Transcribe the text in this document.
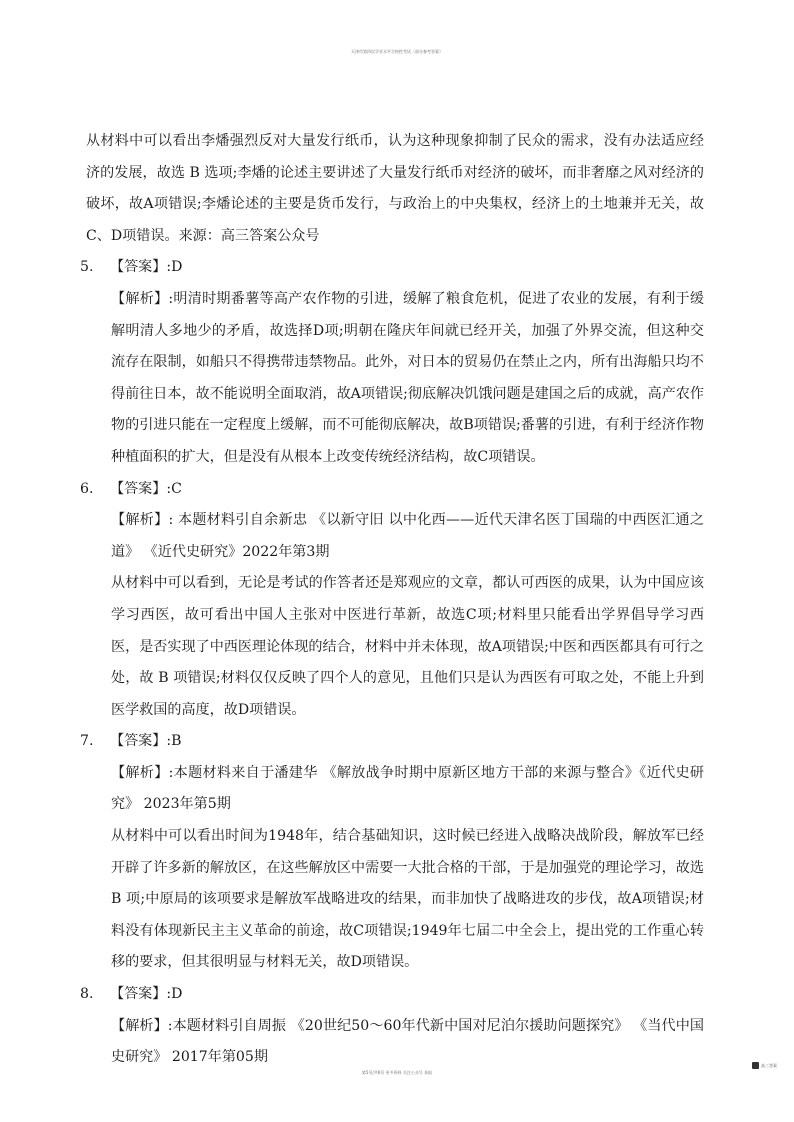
天津市第四次学业水平合格性考试（部分参考答案）

从材料中可以看出李燔强烈反对大量发行纸币，认为这种现象抑制了民众的需求，没有办法适应经济的发展，故选 B 选项;李燔的论述主要讲述了大量发行纸币对经济的破坏，而非奢靡之风对经济的破坏，故A项错误;李燔论述的主要是货币发行，与政治上的中央集权，经济上的土地兼并无关，故C、D项错误。来源：高三答案公众号

5.	【答案】:D

【解析】:明清时期番薯等高产农作物的引进，缓解了粮食危机，促进了农业的发展，有利于缓解明清人多地少的矛盾，故选择D项;明朝在隆庆年间就已经开关，加强了外界交流，但这种交流存在限制，如船只不得携带违禁物品。此外，对日本的贸易仍在禁止之内，所有出海船只均不得前往日本，故不能说明全面取消，故A项错误;彻底解决饥饿问题是建国之后的成就，高产农作物的引进只能在一定程度上缓解，而不可能彻底解决，故B项错误;番薯的引进，有利于经济作物种植面积的扩大，但是没有从根本上改变传统经济结构，故C项错误。

6.	【答案】:C

【解析】: 本题材料引自余新忠 《以新守旧 以中化西——近代天津名医丁国瑞的中西医汇通之道》 《近代史研究》2022年第3期

从材料中可以看到，无论是考试的作答者还是郑观应的文章，都认可西医的成果，认为中国应该学习西医，故可看出中国人主张对中医进行革新，故选C项;材料里只能看出学界倡导学习西医，是否实现了中西医理论体现的结合，材料中并未体现，故A项错误;中医和西医都具有可行之处，故 B 项错误;材料仅仅反映了四个人的意见，且他们只是认为西医有可取之处，不能上升到医学救国的高度，故D项错误。

7.	【答案】:B

【解析】:本题材料来自于潘建华 《解放战争时期中原新区地方干部的来源与整合》《近代史研究》 2023年第5期

从材料中可以看出时间为1948年，结合基础知识，这时候已经进入战略决战阶段，解放军已经开辟了许多新的解放区，在这些解放区中需要一大批合格的干部，于是加强党的理论学习，故选 B 项;中原局的该项要求是解放军战略进攻的结果，而非加快了战略进攻的步伐，故A项错误;材料没有体现新民主主义革命的前途，故C项错误;1949年七届二中全会上，提出党的工作重心转移的要求，但其很明显与材料无关，故D项错误。

8.	【答案】:D

【解析】:本题材料引自周振 《20世纪50～60年代新中国对尼泊尔援助问题探究》 《当代中国史研究》 2017年第05期

第5页/共6页 更多资料 关注公众号 获取
高三答案
